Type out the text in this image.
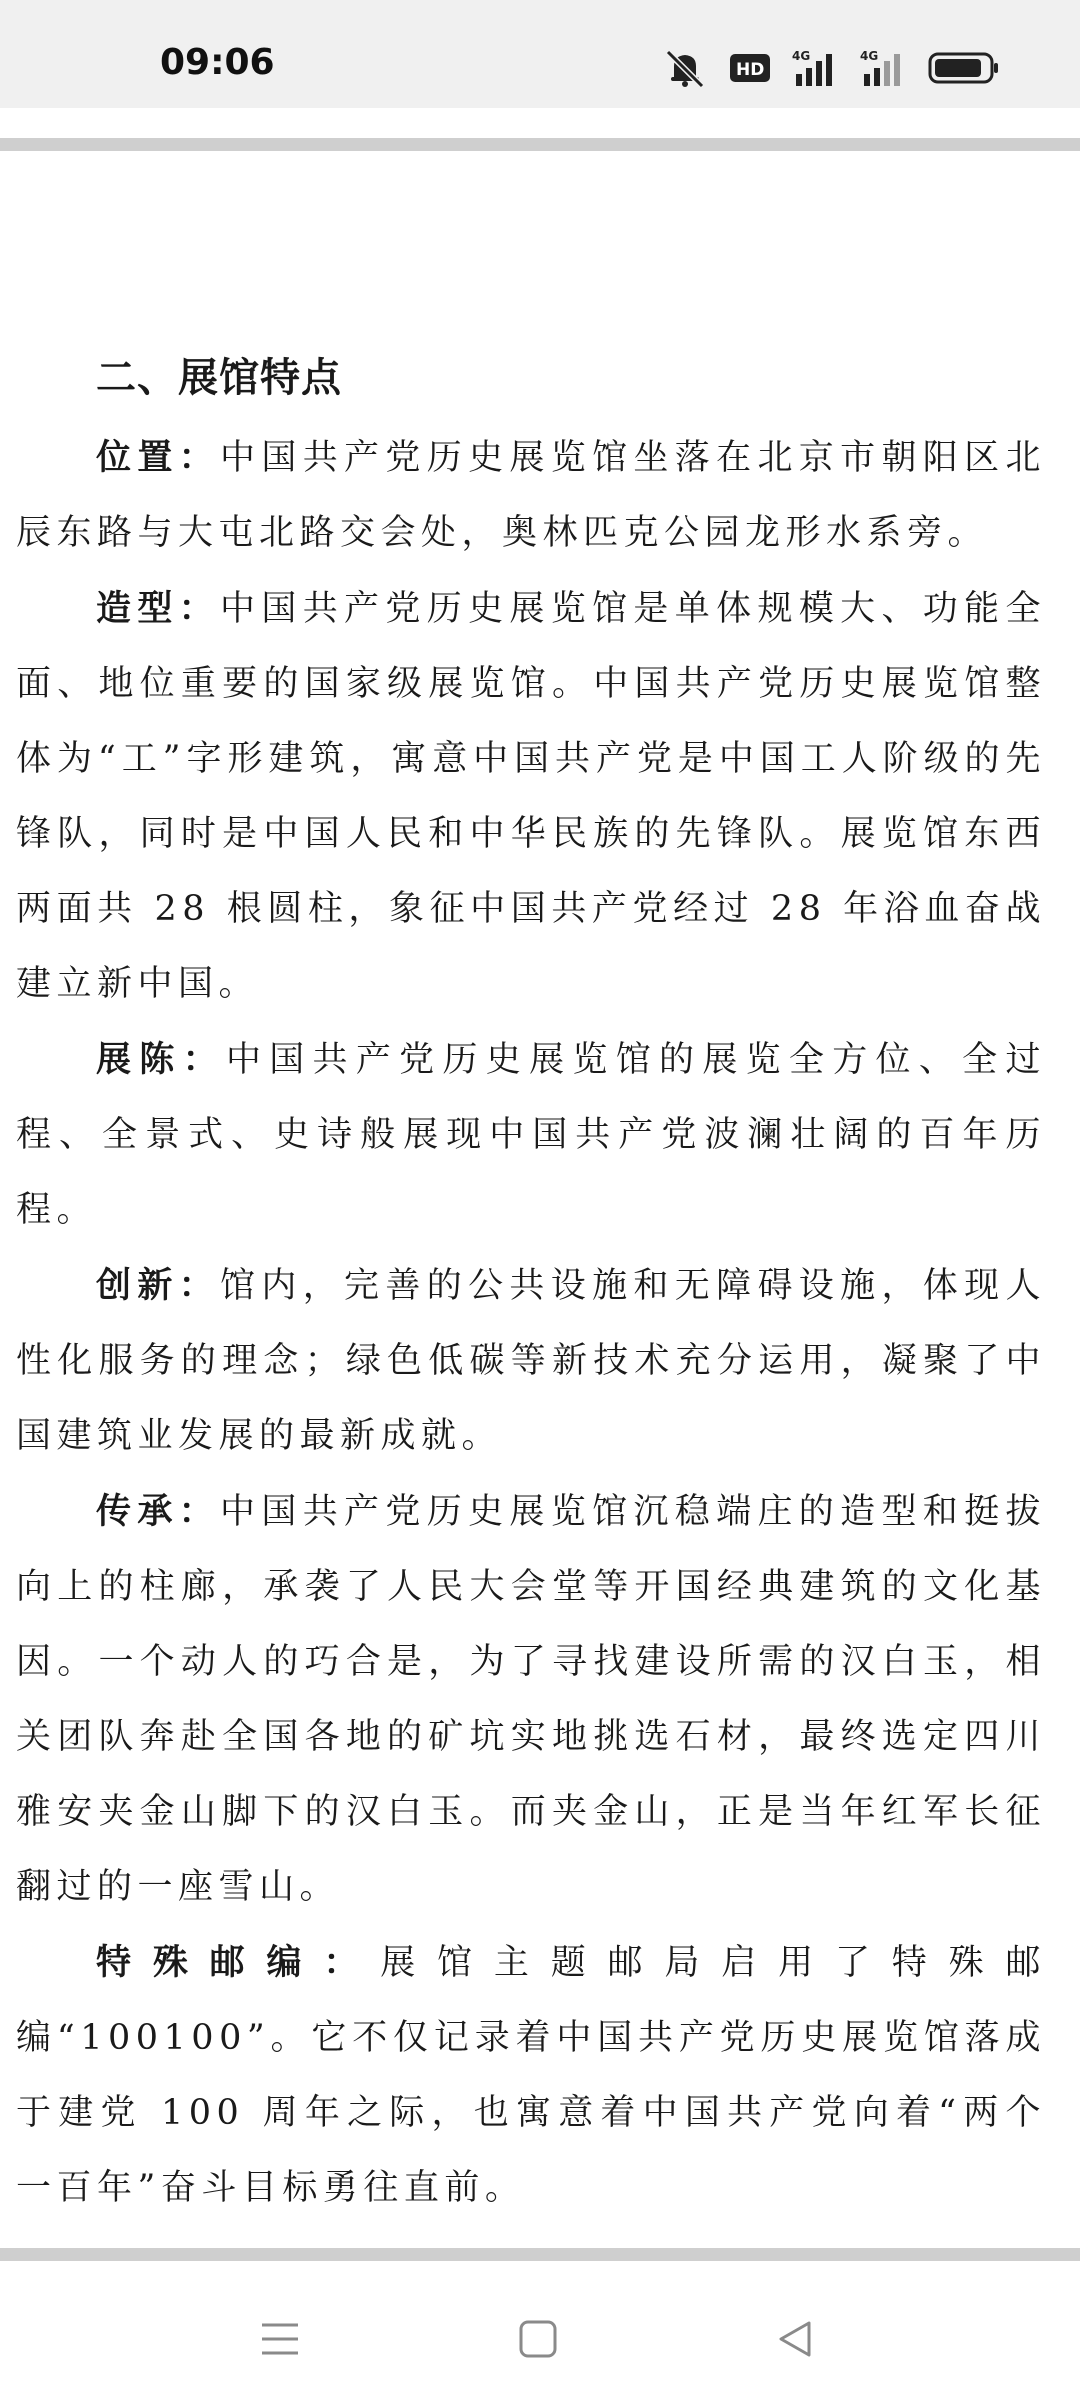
09:06	HD
4G	4G
二、展馆特点

位置：中国共产党历史展览馆坐落在北京市朝阳区北辰东路与大屯北路交会处，奥林匹克公园龙形水系旁。

造型：中国共产党历史展览馆是单体规模大、功能全面、地位重要的国家级展览馆。中国共产党历史展览馆整体为“工”字形建筑，寓意中国共产党是中国工人阶级的先锋队，同时是中国人民和中华民族的先锋队。展览馆东西两面共 28 根圆柱，象征中国共产党经过 28 年浴血奋战建立新中国。

展陈：中国共产党历史展览馆的展览全方位、全过程、全景式、史诗般展现中国共产党波澜壮阔的百年历程。

创新：馆内，完善的公共设施和无障碍设施，体现人性化服务的理念；绿色低碳等新技术充分运用，凝聚了中国建筑业发展的最新成就。

传承：中国共产党历史展览馆沉稳端庄的造型和挺拔向上的柱廊，承袭了人民大会堂等开国经典建筑的文化基因。一个动人的巧合是，为了寻找建设所需的汉白玉，相关团队奔赴全国各地的矿坑实地挑选石材，最终选定四川雅安夹金山脚下的汉白玉。而夹金山，正是当年红军长征翻过的一座雪山。

特殊邮编：展馆主题邮局启用了特殊邮编“100100”。它不仅记录着中国共产党历史展览馆落成于建党 100 周年之际，也寓意着中国共产党向着“两个一百年”奋斗目标勇往直前。
